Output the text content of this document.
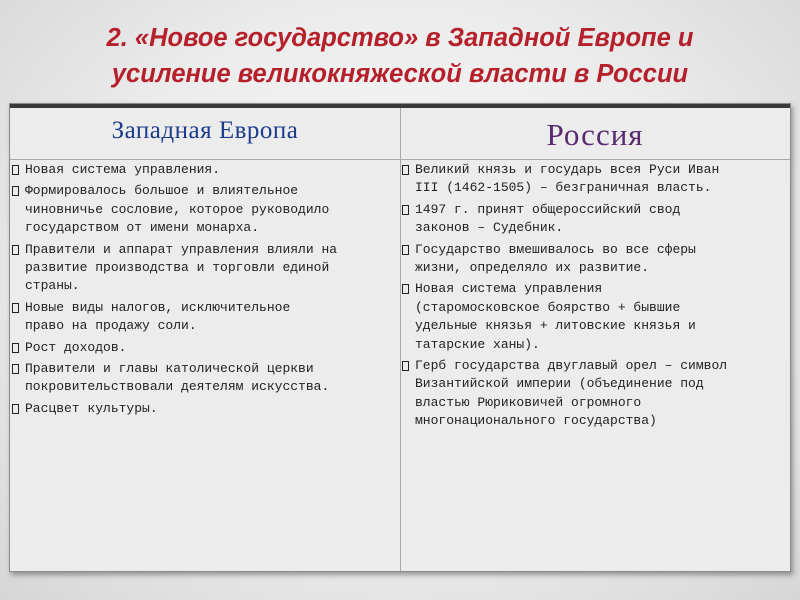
2. «Новое государство» в Западной Европе и
усиление великокняжеской власти в России
Западная Европа	Россия
Новая система управления.
Формировалось большое и влиятельное
чиновничье сословие, которое руководило
государством от имени монарха.
Правители и аппарат управления влияли на
развитие производства и торговли единой
страны.
Новые виды налогов, исключительное
право на продажу соли.
Рост доходов.
Правители и главы католической церкви
покровительствовали деятелям искусства.
Расцвет культуры.
Великий князь и государь всея Руси Иван
III (1462-1505) – безграничная власть.
1497 г. принят общероссийский свод
законов – Судебник.
Государство вмешивалось во все сферы
жизни, определяло их развитие.
Новая система управления
(старомосковское боярство + бывшие
удельные князья + литовские князья и
татарские ханы).
Герб государства двуглавый орел – символ
Византийской империи (объединение под
властью Рюриковичей огромного
многонационального государства)
